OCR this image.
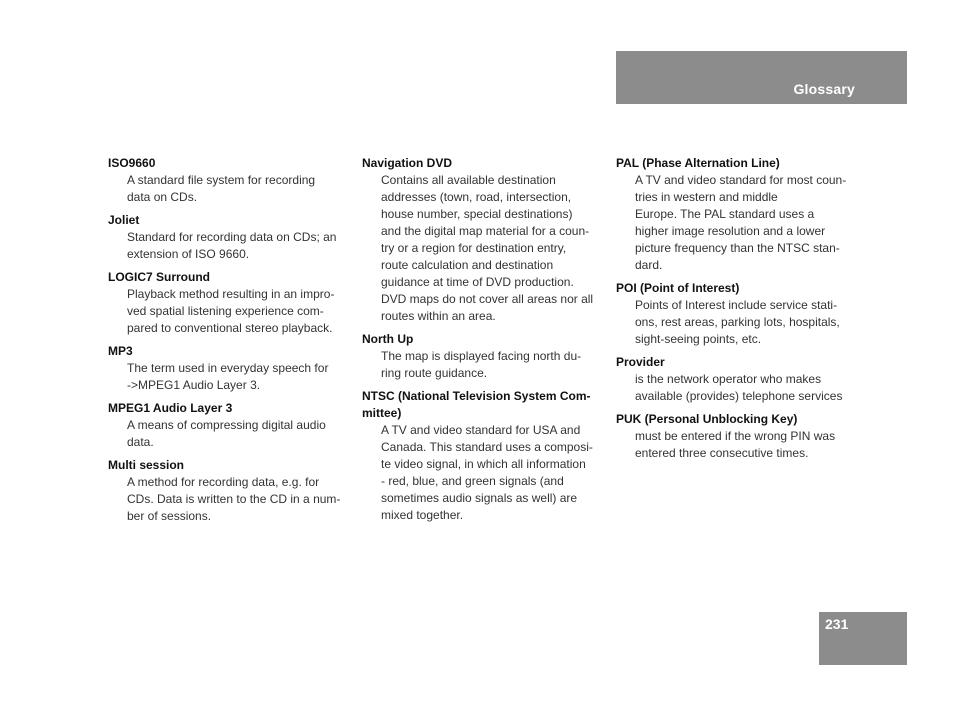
Glossary
ISO9660
A standard file system for recording
data on CDs.
Joliet
Standard for recording data on CDs; an
extension of ISO 9660.
LOGIC7 Surround
Playback method resulting in an impro-
ved spatial listening experience com-
pared to conventional stereo playback.
MP3
The term used in everyday speech for
->MPEG1 Audio Layer 3.
MPEG1 Audio Layer 3
A means of compressing digital audio
data.
Multi session
A method for recording data, e.g. for
CDs. Data is written to the CD in a num-
ber of sessions.
Navigation DVD
Contains all available destination
addresses (town, road, intersection,
house number, special destinations)
and the digital map material for a coun-
try or a region for destination entry,
route calculation and destination
guidance at time of DVD production.
DVD maps do not cover all areas nor all
routes within an area.
North Up
The map is displayed facing north du-
ring route guidance.
NTSC (National Television System Com-
mittee)
A TV and video standard for USA and
Canada. This standard uses a composi-
te video signal, in which all information
- red, blue, and green signals (and
sometimes audio signals as well) are
mixed together.
PAL (Phase Alternation Line)
A TV and video standard for most coun-
tries in western and middle
Europe. The PAL standard uses a
higher image resolution and a lower
picture frequency than the NTSC stan-
dard.
POI (Point of Interest)
Points of Interest include service stati-
ons, rest areas, parking lots, hospitals,
sight-seeing points, etc.
Provider
is the network operator who makes
available (provides) telephone services
PUK (Personal Unblocking Key)
must be entered if the wrong PIN was
entered three consecutive times.
231
